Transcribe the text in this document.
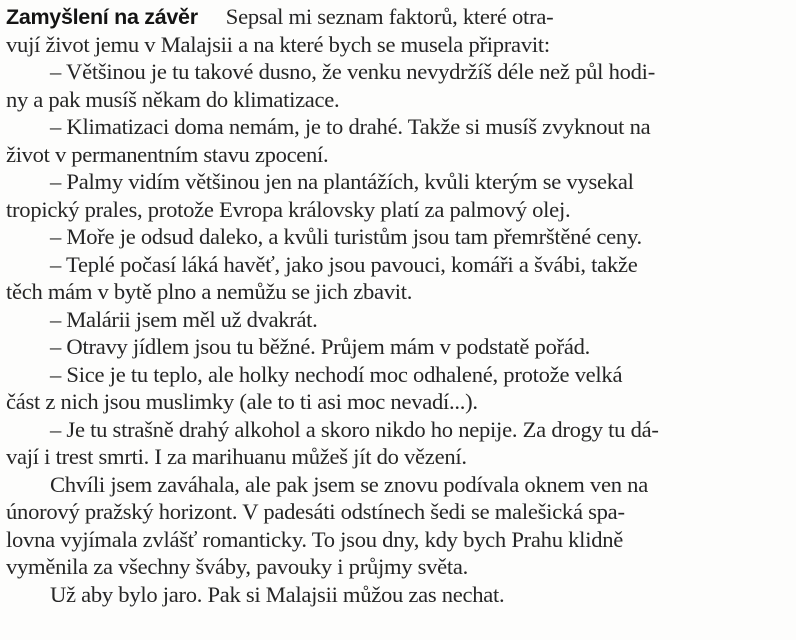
Zamyšlení na závěr Sepsal mi seznam faktorů, které otra-
vují život jemu v Malajsii a na které bych se musela připravit:
– Většinou je tu takové dusno, že venku nevydržíš déle než půl hodi-
ny a pak musíš někam do klimatizace.
– Klimatizaci doma nemám, je to drahé. Takže si musíš zvyknout na
život v permanentním stavu zpocení.
– Palmy vidím většinou jen na plantážích, kvůli kterým se vysekal
tropický prales, protože Evropa královsky platí za palmový olej.
– Moře je odsud daleko, a kvůli turistům jsou tam přemrštěné ceny.
– Teplé počasí láká havěť, jako jsou pavouci, komáři a švábi, takže
těch mám v bytě plno a nemůžu se jich zbavit.
– Malárii jsem měl už dvakrát.
– Otravy jídlem jsou tu běžné. Průjem mám v podstatě pořád.
– Sice je tu teplo, ale holky nechodí moc odhalené, protože velká
část z nich jsou muslimky (ale to ti asi moc nevadí...).
– Je tu strašně drahý alkohol a skoro nikdo ho nepije. Za drogy tu dá-
vají i trest smrti. I za marihuanu můžeš jít do vězení.
Chvíli jsem zaváhala, ale pak jsem se znovu podívala oknem ven na
únorový pražský horizont. V padesáti odstínech šedi se malešická spa-
lovna vyjímala zvlášť romanticky. To jsou dny, kdy bych Prahu klidně
vyměnila za všechny šváby, pavouky i průjmy světa.
Už aby bylo jaro. Pak si Malajsii můžou zas nechat.
